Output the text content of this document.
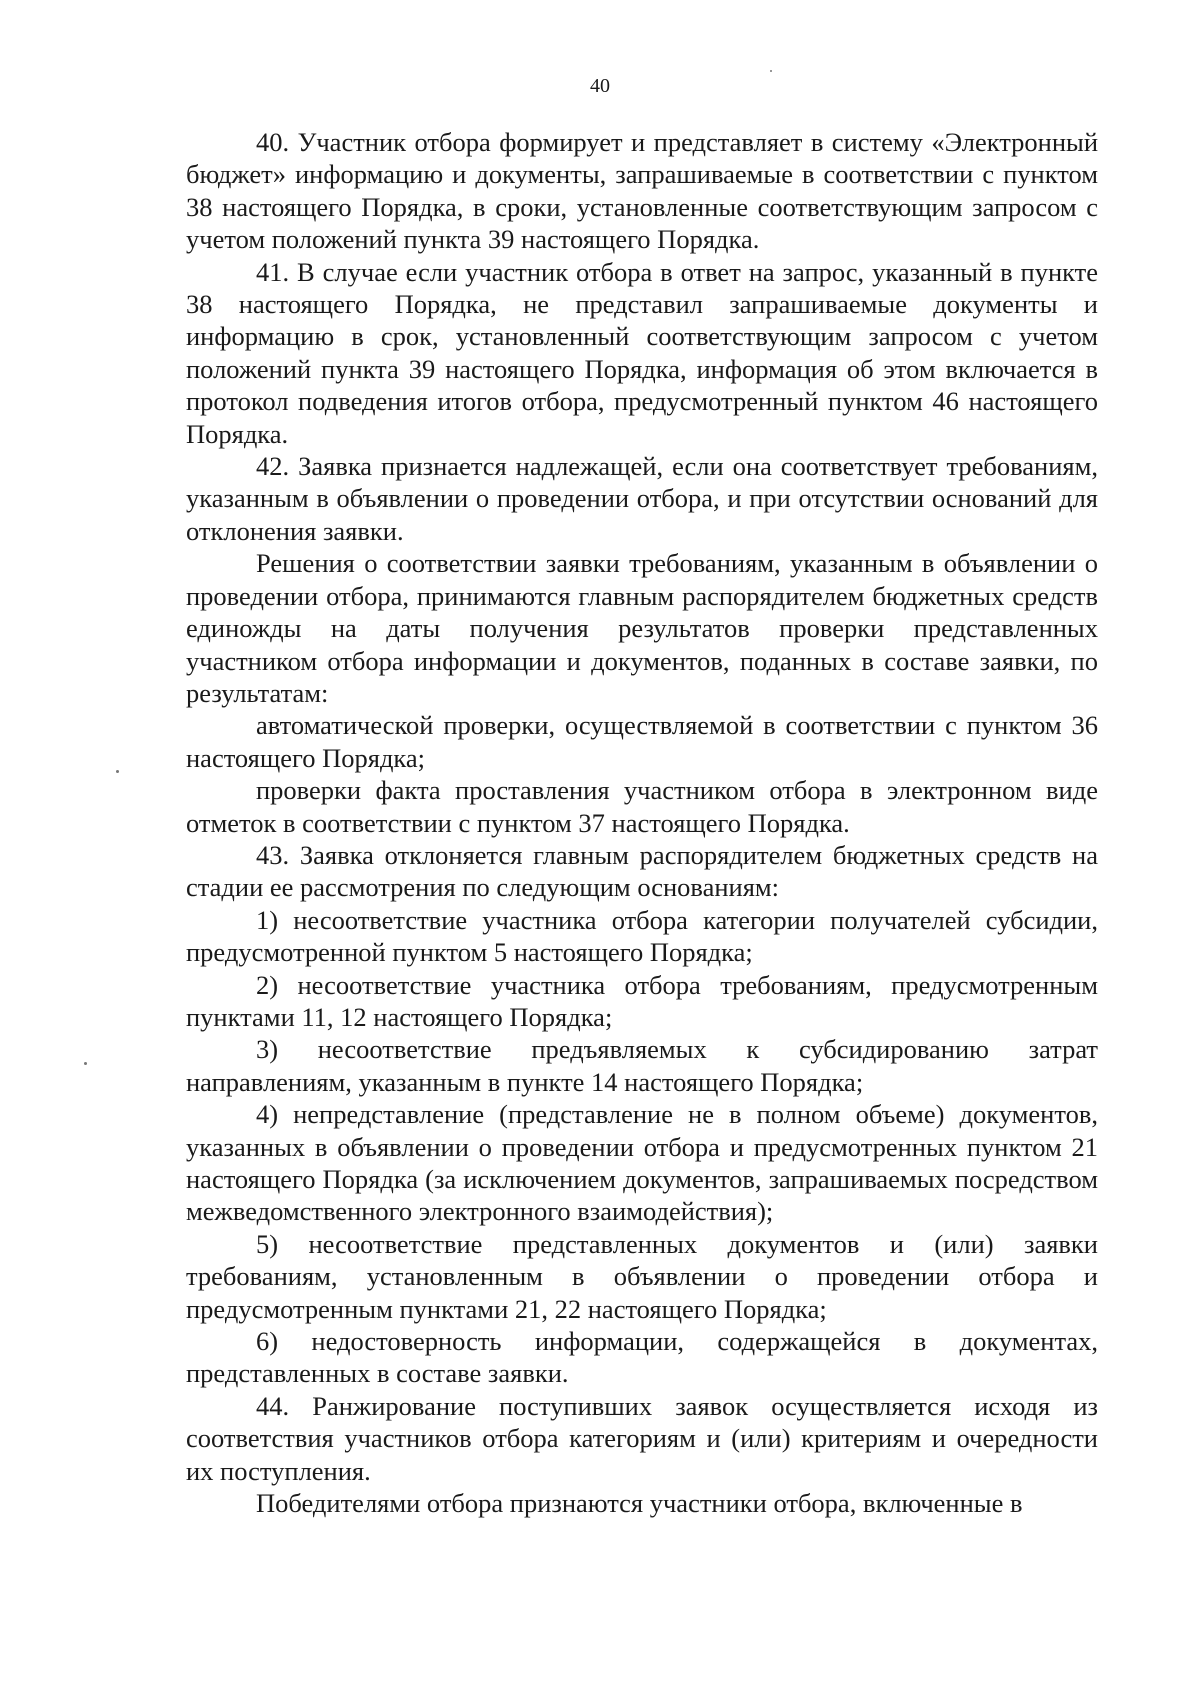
40

40. Участник отбора формирует и представляет в систему «Электронный бюджет» информацию и документы, запрашиваемые в соответствии с пунктом 38 настоящего Порядка, в сроки, установленные соответствующим запросом с учетом положений пункта 39 настоящего Порядка.

41. В случае если участник отбора в ответ на запрос, указанный в пункте 38 настоящего Порядка, не представил запрашиваемые документы и информацию в срок, установленный соответствующим запросом с учетом положений пункта 39 настоящего Порядка, информация об этом включается в протокол подведения итогов отбора, предусмотренный пунктом 46 настоящего Порядка.

42. Заявка признается надлежащей, если она соответствует требованиям, указанным в объявлении о проведении отбора, и при отсутствии оснований для отклонения заявки.

Решения о соответствии заявки требованиям, указанным в объявлении о проведении отбора, принимаются главным распорядителем бюджетных средств единожды на даты получения результатов проверки представленных участником отбора информации и документов, поданных в составе заявки, по результатам:

автоматической проверки, осуществляемой в соответствии с пунктом 36 настоящего Порядка;

проверки факта проставления участником отбора в электронном виде отметок в соответствии с пунктом 37 настоящего Порядка.

43. Заявка отклоняется главным распорядителем бюджетных средств на стадии ее рассмотрения по следующим основаниям:

1) несоответствие участника отбора категории получателей субсидии, предусмотренной пунктом 5 настоящего Порядка;

2) несоответствие участника отбора требованиям, предусмотренным пунктами 11, 12 настоящего Порядка;

3) несоответствие предъявляемых к субсидированию затрат направлениям, указанным в пункте 14 настоящего Порядка;

4) непредставление (представление не в полном объеме) документов, указанных в объявлении о проведении отбора и предусмотренных пунктом 21 настоящего Порядка (за исключением документов, запрашиваемых посредством межведомственного электронного взаимодействия);

5) несоответствие представленных документов и (или) заявки требованиям, установленным в объявлении о проведении отбора и предусмотренным пунктами 21, 22 настоящего Порядка;

6) недостоверность информации, содержащейся в документах, представленных в составе заявки.

44. Ранжирование поступивших заявок осуществляется исходя из соответствия участников отбора категориям и (или) критериям и очередности их поступления.

Победителями отбора признаются участники отбора, включенные в
